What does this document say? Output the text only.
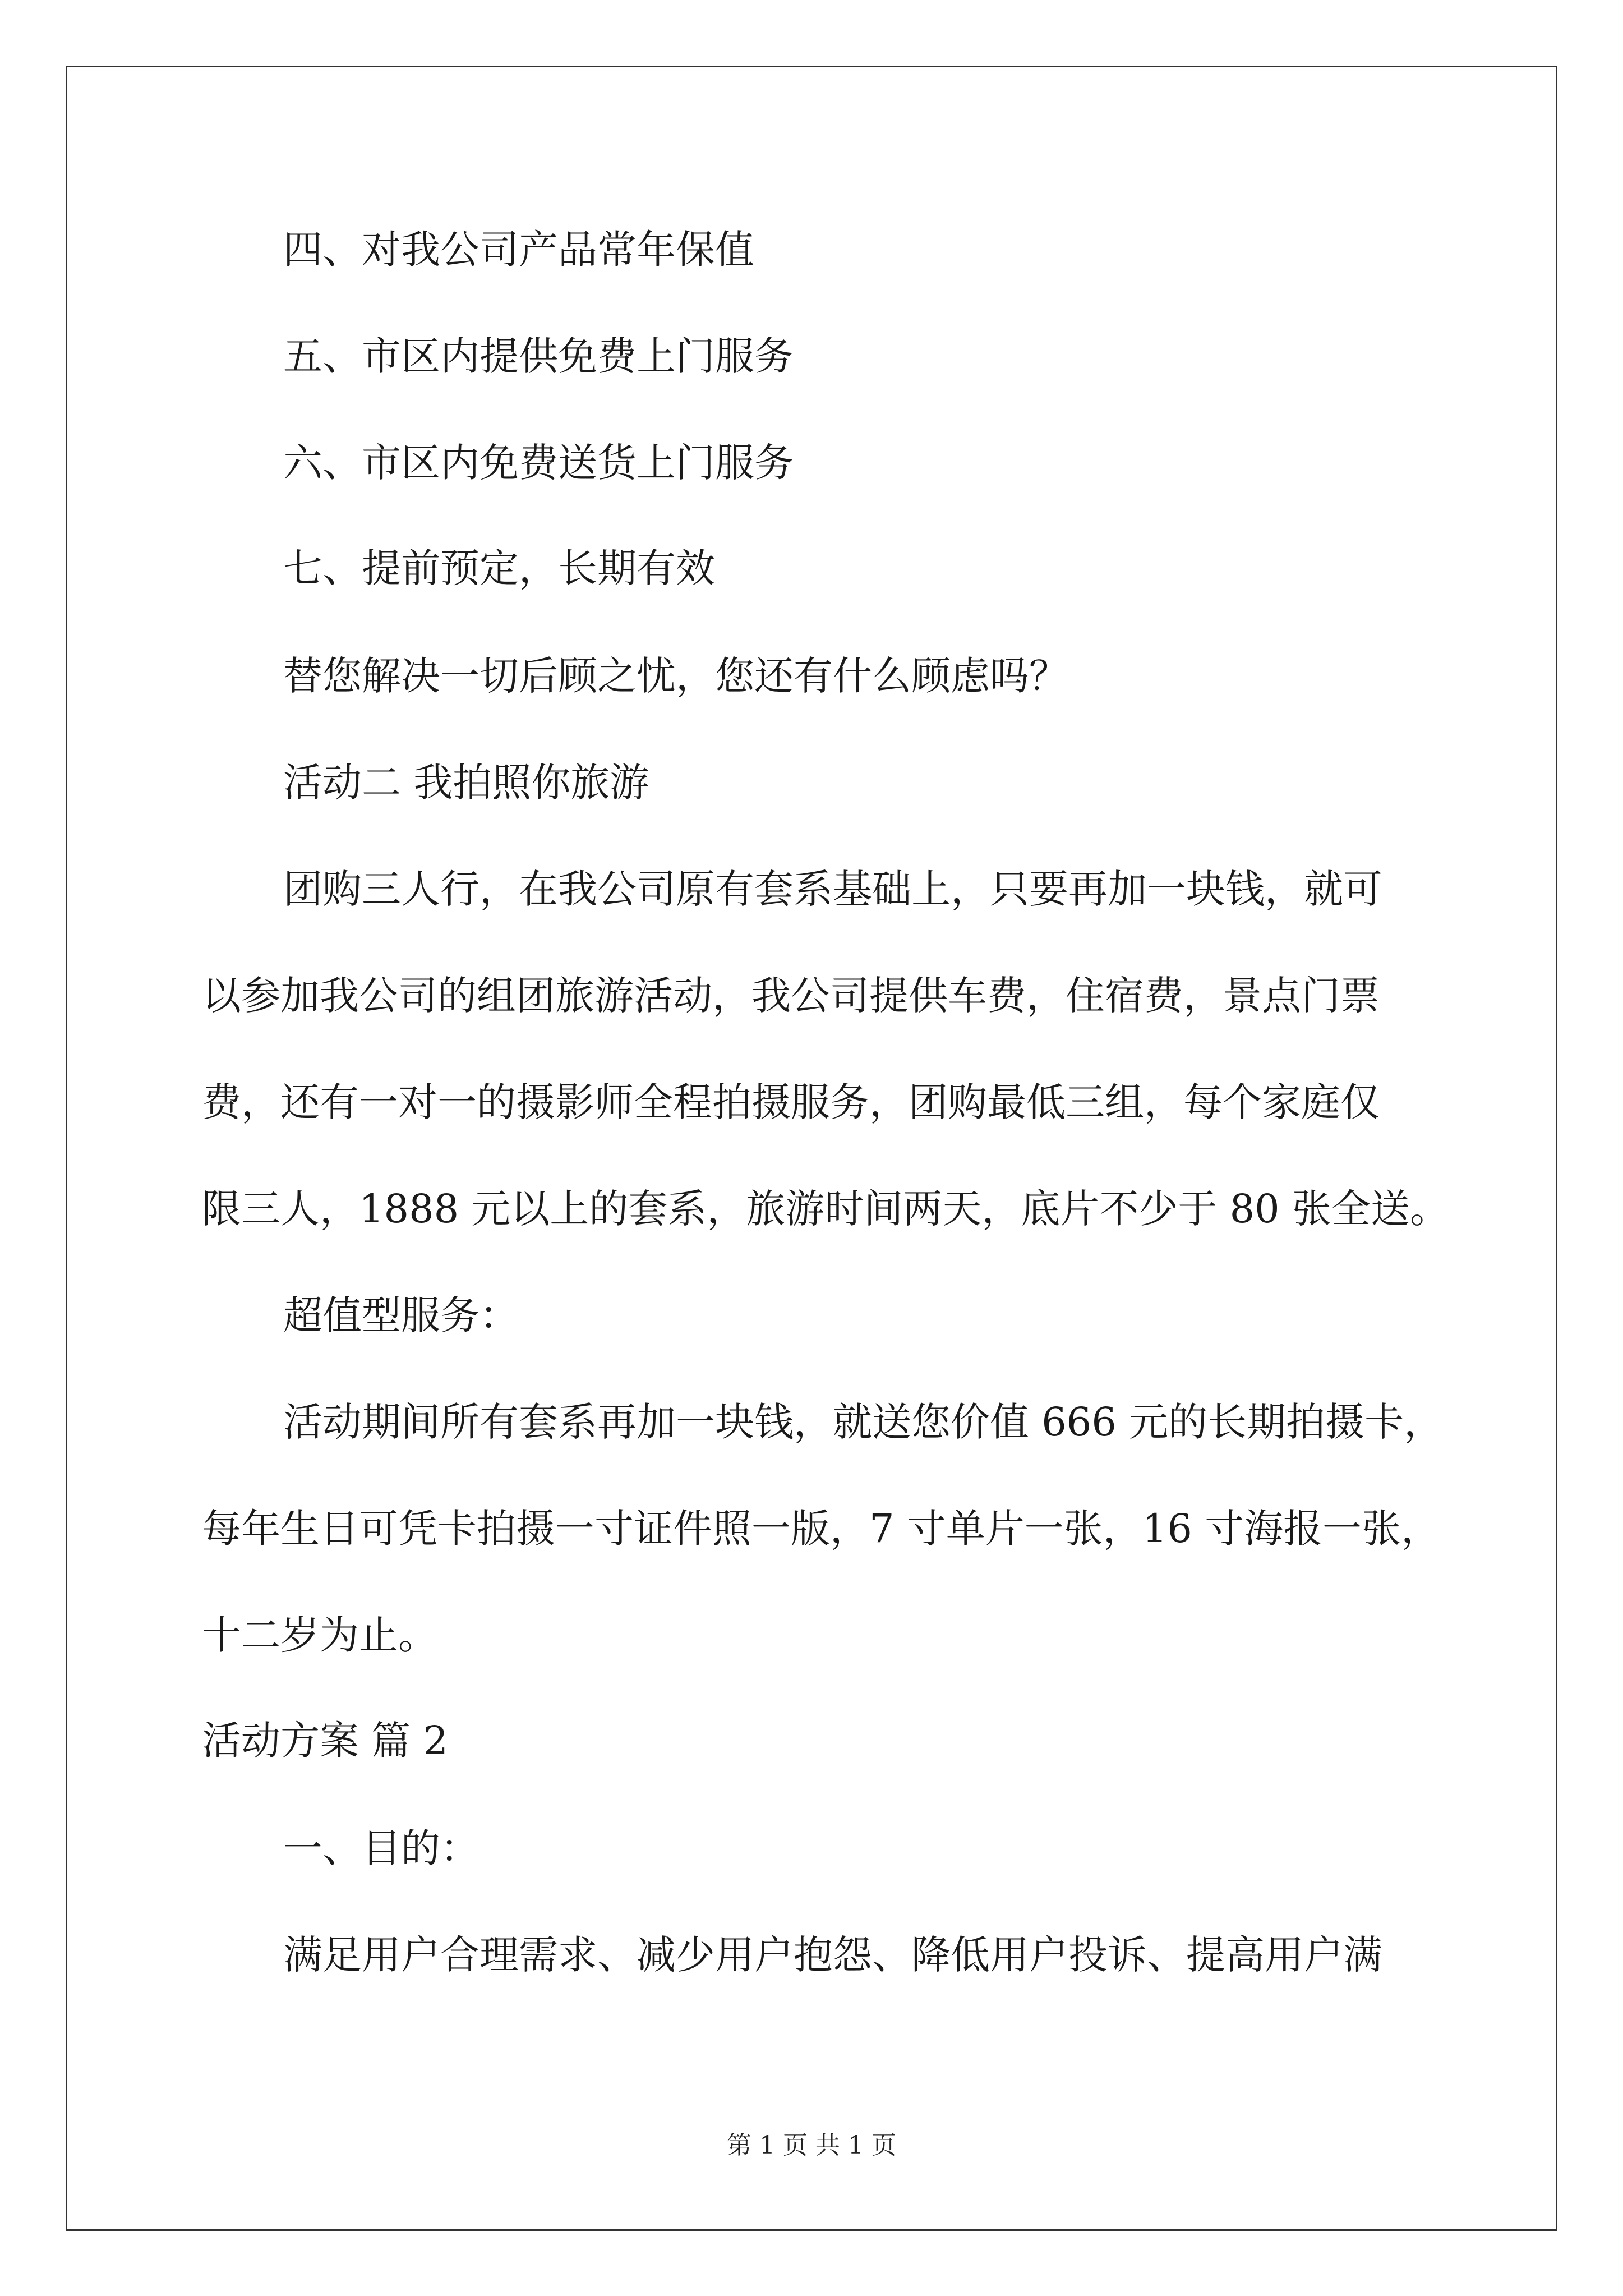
四、对我公司产品常年保值
五、市区内提供免费上门服务
六、市区内免费送货上门服务
七、提前预定，长期有效
替您解决一切后顾之忧，您还有什么顾虑吗？
活动二 我拍照你旅游
团购三人行，在我公司原有套系基础上，只要再加一块钱，就可
以参加我公司的组团旅游活动，我公司提供车费，住宿费，景点门票
费，还有一对一的摄影师全程拍摄服务，团购最低三组，每个家庭仅
限三人，1888 元以上的套系，旅游时间两天，底片不少于 80 张全送。
超值型服务：
活动期间所有套系再加一块钱，就送您价值 666 元的长期拍摄卡，
每年生日可凭卡拍摄一寸证件照一版，7 寸单片一张，16 寸海报一张，
十二岁为止。
活动方案 篇 2
一、目的：
满足用户合理需求、减少用户抱怨、降低用户投诉、提高用户满
第 1 页 共 1 页
